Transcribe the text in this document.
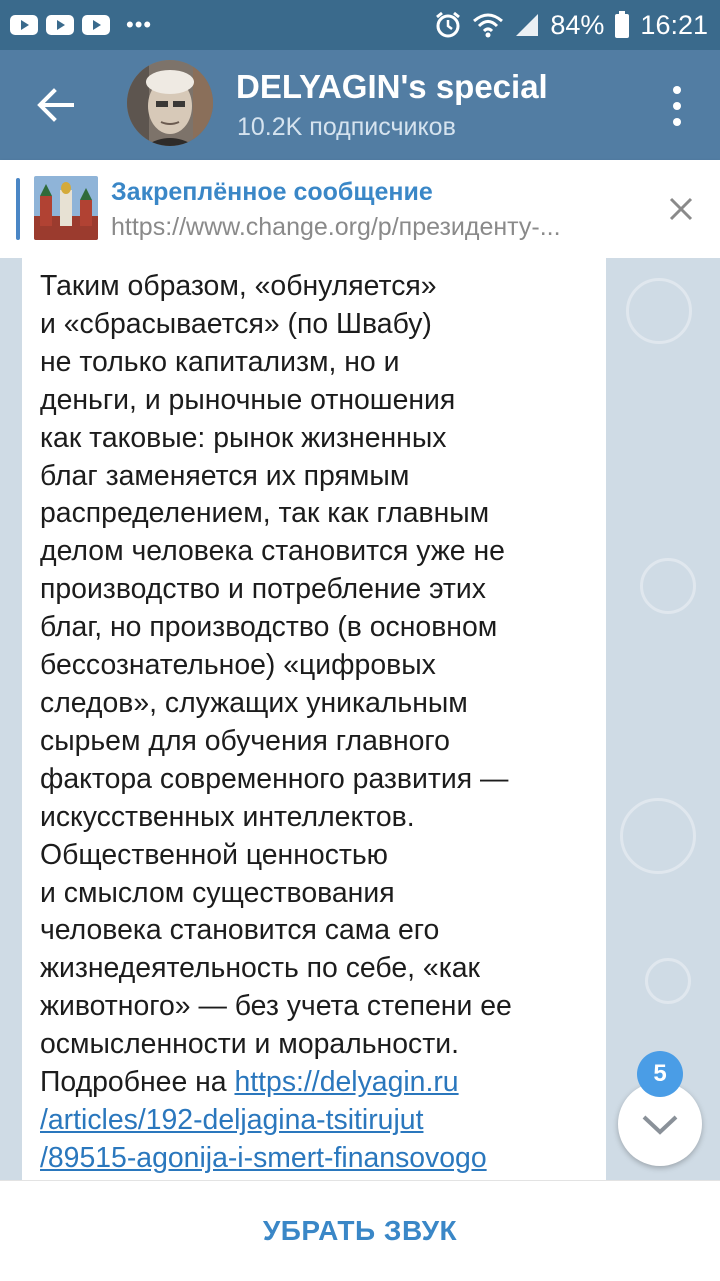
•••	84% 16:21
DELYAGIN's special
10.2K подписчиков
Закреплённое сообщение
https://www.change.org/p/президенту-...

Таким образом, «обнуляется»

и «сбрасывается» (по Швабу)

не только капитализм, но и

деньги, и рыночные отношения

как таковые: рынок жизненных

благ заменяется их прямым

распределением, так как главным

делом человека становится уже не

производство и потребление этих

благ, но производство (в основном

бессознательное) «цифровых

следов», служащих уникальным

сырьем для обучения главного

фактора современного развития —

искусственных интеллектов.

Общественной ценностью

и смыслом существования

человека становится сама его

жизнедеятельность по себе, «как

животного» — без учета степени ее

осмысленности и моральности.

Подробнее на https://delyagin.ru

/articles/192-deljagina-tsitirujut

/89515-agonija-i-smert-finansovogo

5
УБРАТЬ ЗВУК
